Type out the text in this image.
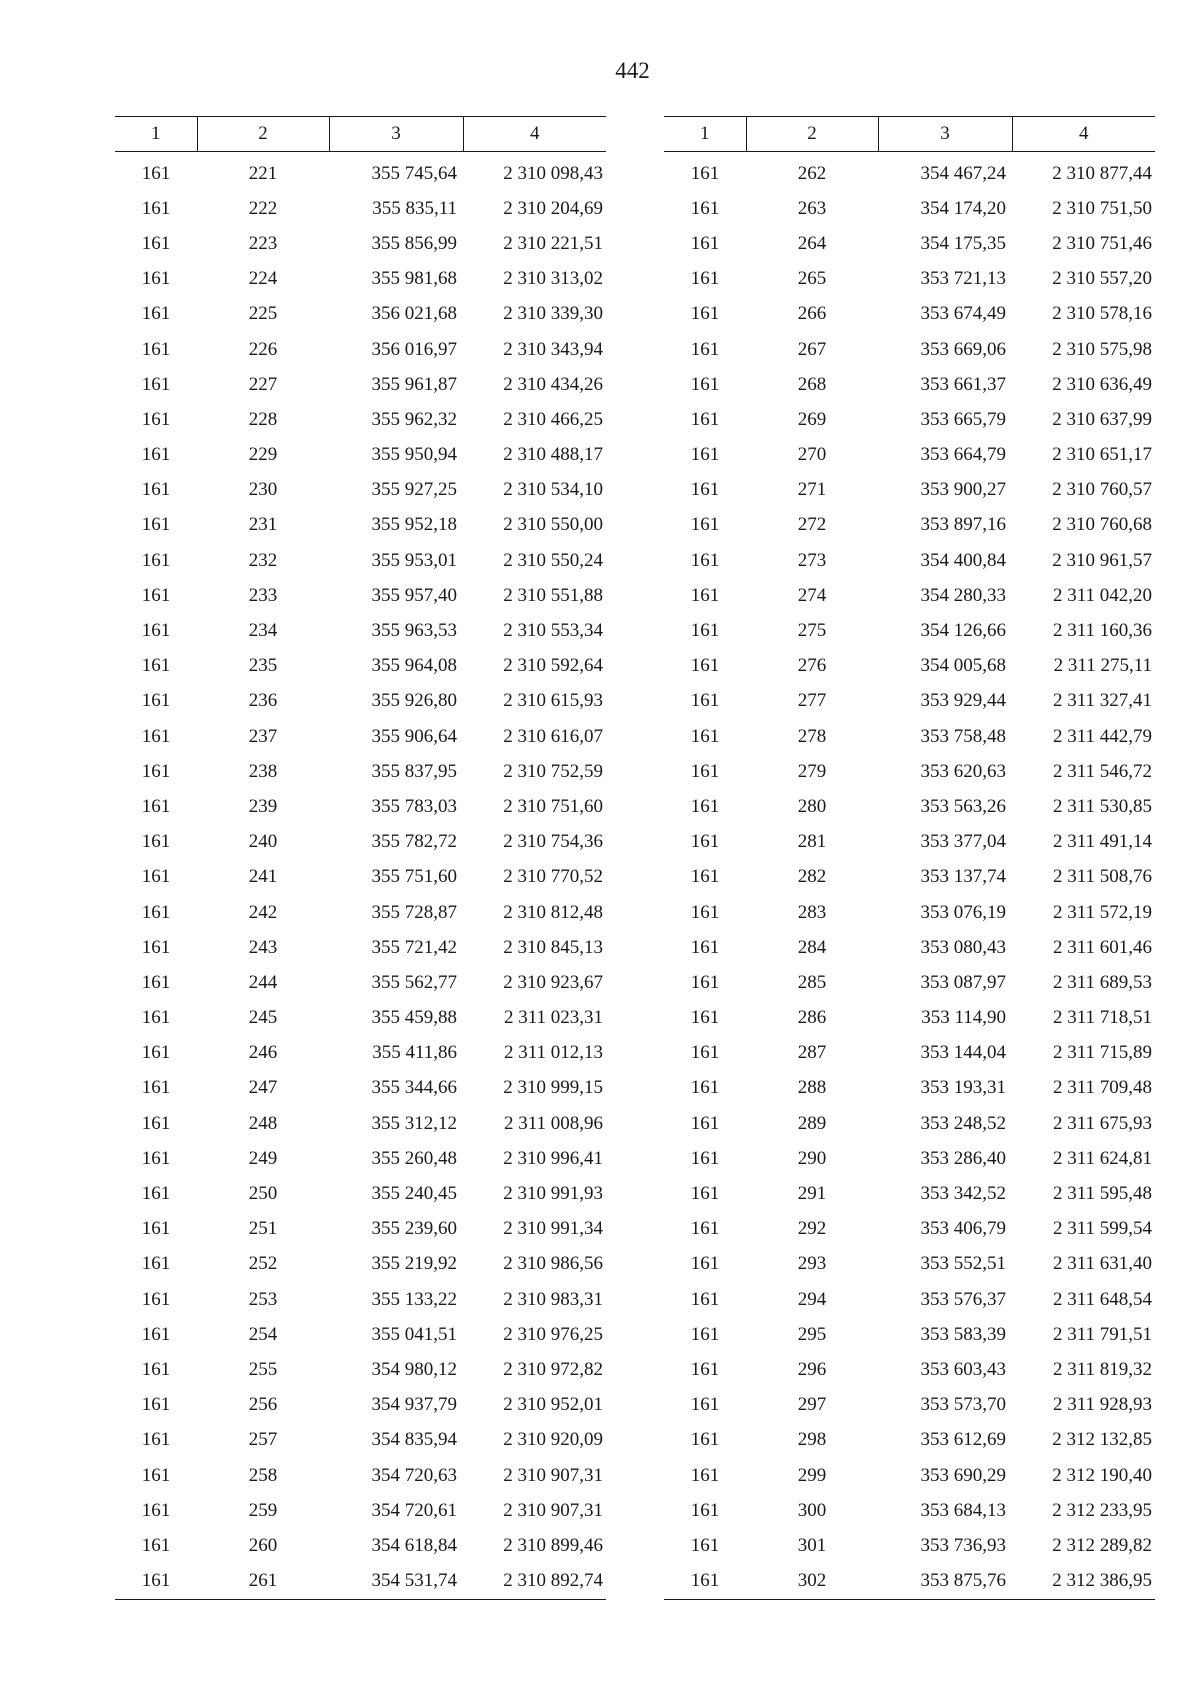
442
1	2	3	4
161	221	355 745,64	2 310 098,43
161	222	355 835,11	2 310 204,69
161	223	355 856,99	2 310 221,51
161	224	355 981,68	2 310 313,02
161	225	356 021,68	2 310 339,30
161	226	356 016,97	2 310 343,94
161	227	355 961,87	2 310 434,26
161	228	355 962,32	2 310 466,25
161	229	355 950,94	2 310 488,17
161	230	355 927,25	2 310 534,10
161	231	355 952,18	2 310 550,00
161	232	355 953,01	2 310 550,24
161	233	355 957,40	2 310 551,88
161	234	355 963,53	2 310 553,34
161	235	355 964,08	2 310 592,64
161	236	355 926,80	2 310 615,93
161	237	355 906,64	2 310 616,07
161	238	355 837,95	2 310 752,59
161	239	355 783,03	2 310 751,60
161	240	355 782,72	2 310 754,36
161	241	355 751,60	2 310 770,52
161	242	355 728,87	2 310 812,48
161	243	355 721,42	2 310 845,13
161	244	355 562,77	2 310 923,67
161	245	355 459,88	2 311 023,31
161	246	355 411,86	2 311 012,13
161	247	355 344,66	2 310 999,15
161	248	355 312,12	2 311 008,96
161	249	355 260,48	2 310 996,41
161	250	355 240,45	2 310 991,93
161	251	355 239,60	2 310 991,34
161	252	355 219,92	2 310 986,56
161	253	355 133,22	2 310 983,31
161	254	355 041,51	2 310 976,25
161	255	354 980,12	2 310 972,82
161	256	354 937,79	2 310 952,01
161	257	354 835,94	2 310 920,09
161	258	354 720,63	2 310 907,31
161	259	354 720,61	2 310 907,31
161	260	354 618,84	2 310 899,46
161	261	354 531,74	2 310 892,74
1	2	3	4
161	262	354 467,24	2 310 877,44
161	263	354 174,20	2 310 751,50
161	264	354 175,35	2 310 751,46
161	265	353 721,13	2 310 557,20
161	266	353 674,49	2 310 578,16
161	267	353 669,06	2 310 575,98
161	268	353 661,37	2 310 636,49
161	269	353 665,79	2 310 637,99
161	270	353 664,79	2 310 651,17
161	271	353 900,27	2 310 760,57
161	272	353 897,16	2 310 760,68
161	273	354 400,84	2 310 961,57
161	274	354 280,33	2 311 042,20
161	275	354 126,66	2 311 160,36
161	276	354 005,68	2 311 275,11
161	277	353 929,44	2 311 327,41
161	278	353 758,48	2 311 442,79
161	279	353 620,63	2 311 546,72
161	280	353 563,26	2 311 530,85
161	281	353 377,04	2 311 491,14
161	282	353 137,74	2 311 508,76
161	283	353 076,19	2 311 572,19
161	284	353 080,43	2 311 601,46
161	285	353 087,97	2 311 689,53
161	286	353 114,90	2 311 718,51
161	287	353 144,04	2 311 715,89
161	288	353 193,31	2 311 709,48
161	289	353 248,52	2 311 675,93
161	290	353 286,40	2 311 624,81
161	291	353 342,52	2 311 595,48
161	292	353 406,79	2 311 599,54
161	293	353 552,51	2 311 631,40
161	294	353 576,37	2 311 648,54
161	295	353 583,39	2 311 791,51
161	296	353 603,43	2 311 819,32
161	297	353 573,70	2 311 928,93
161	298	353 612,69	2 312 132,85
161	299	353 690,29	2 312 190,40
161	300	353 684,13	2 312 233,95
161	301	353 736,93	2 312 289,82
161	302	353 875,76	2 312 386,95
